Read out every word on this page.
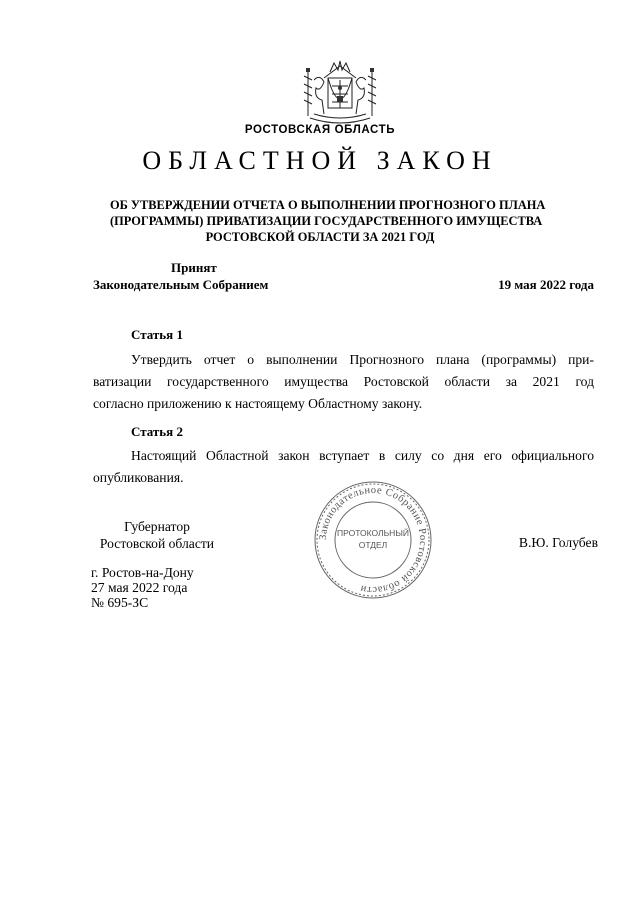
РОСТОВСКАЯ ОБЛАСТЬ
ОБЛАСТНОЙ ЗАКОН
ОБ УТВЕРЖДЕНИИ ОТЧЕТА О ВЫПОЛНЕНИИ ПРОГНОЗНОГО ПЛАНА
(ПРОГРАММЫ) ПРИВАТИЗАЦИИ ГОСУДАРСТВЕННОГО ИМУЩЕСТВА
РОСТОВСКОЙ ОБЛАСТИ ЗА 2021 ГОД
Принят
Законодательным Собранием	19 мая 2022 года
Статья 1
Утвердить отчет о выполнении Прогнозного плана (программы) при-
ватизации государственного имущества Ростовской области за 2021 год
согласно приложению к настоящему Областному закону.
Статья 2
Настоящий Областной закон вступает в силу со дня его официального
опубликования.
Губернатор
Ростовской области	В.Ю. Голубев
г. Ростов-на-Дону
27 мая 2022 года
№ 695-ЗС
Законодательное Собрание Ростовской области
ПРОТОКОЛЬНЫЙ
ОТДЕЛ
